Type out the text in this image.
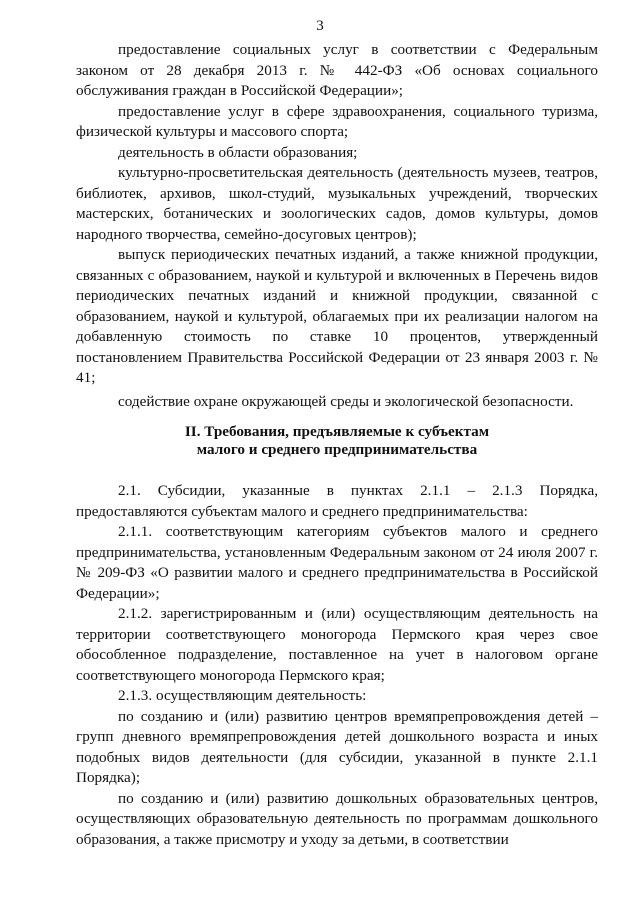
3

предоставление социальных услуг в соответствии с Федеральным законом от 28 декабря 2013 г. № 442-ФЗ «Об основах социального обслуживания граждан в Российской Федерации»;

предоставление услуг в сфере здравоохранения, социального туризма, физической культуры и массового спорта;

деятельность в области образования;

культурно-просветительская деятельность (деятельность музеев, театров, библиотек, архивов, школ-студий, музыкальных учреждений, творческих мастерских, ботанических и зоологических садов, домов культуры, домов народного творчества, семейно-досуговых центров);

выпуск периодических печатных изданий, а также книжной продукции, связанных с образованием, наукой и культурой и включенных в Перечень видов периодических печатных изданий и книжной продукции, связанной с образованием, наукой и культурой, облагаемых при их реализации налогом на добавленную стоимость по ставке 10 процентов, утвержденный постановлением Правительства Российской Федерации от 23 января 2003 г. № 41;

содействие охране окружающей среды и экологической безопасности.

II. Требования, предъявляемые к субъектам
малого и среднего предпринимательства

2.1. Субсидии, указанные в пунктах 2.1.1 – 2.1.3 Порядка, предоставляются субъектам малого и среднего предпринимательства:

2.1.1. соответствующим категориям субъектов малого и среднего предпринимательства, установленным Федеральным законом от 24 июля 2007 г. № 209-ФЗ «О развитии малого и среднего предпринимательства в Российской Федерации»;

2.1.2. зарегистрированным и (или) осуществляющим деятельность на территории соответствующего моногорода Пермского края через свое обособленное подразделение, поставленное на учет в налоговом органе соответствующего моногорода Пермского края;

2.1.3. осуществляющим деятельность:

по созданию и (или) развитию центров времяпрепровождения детей – групп дневного времяпрепровождения детей дошкольного возраста и иных подобных видов деятельности (для субсидии, указанной в пункте 2.1.1 Порядка);

по созданию и (или) развитию дошкольных образовательных центров, осуществляющих образовательную деятельность по программам дошкольного образования, а также присмотру и уходу за детьми, в соответствии
